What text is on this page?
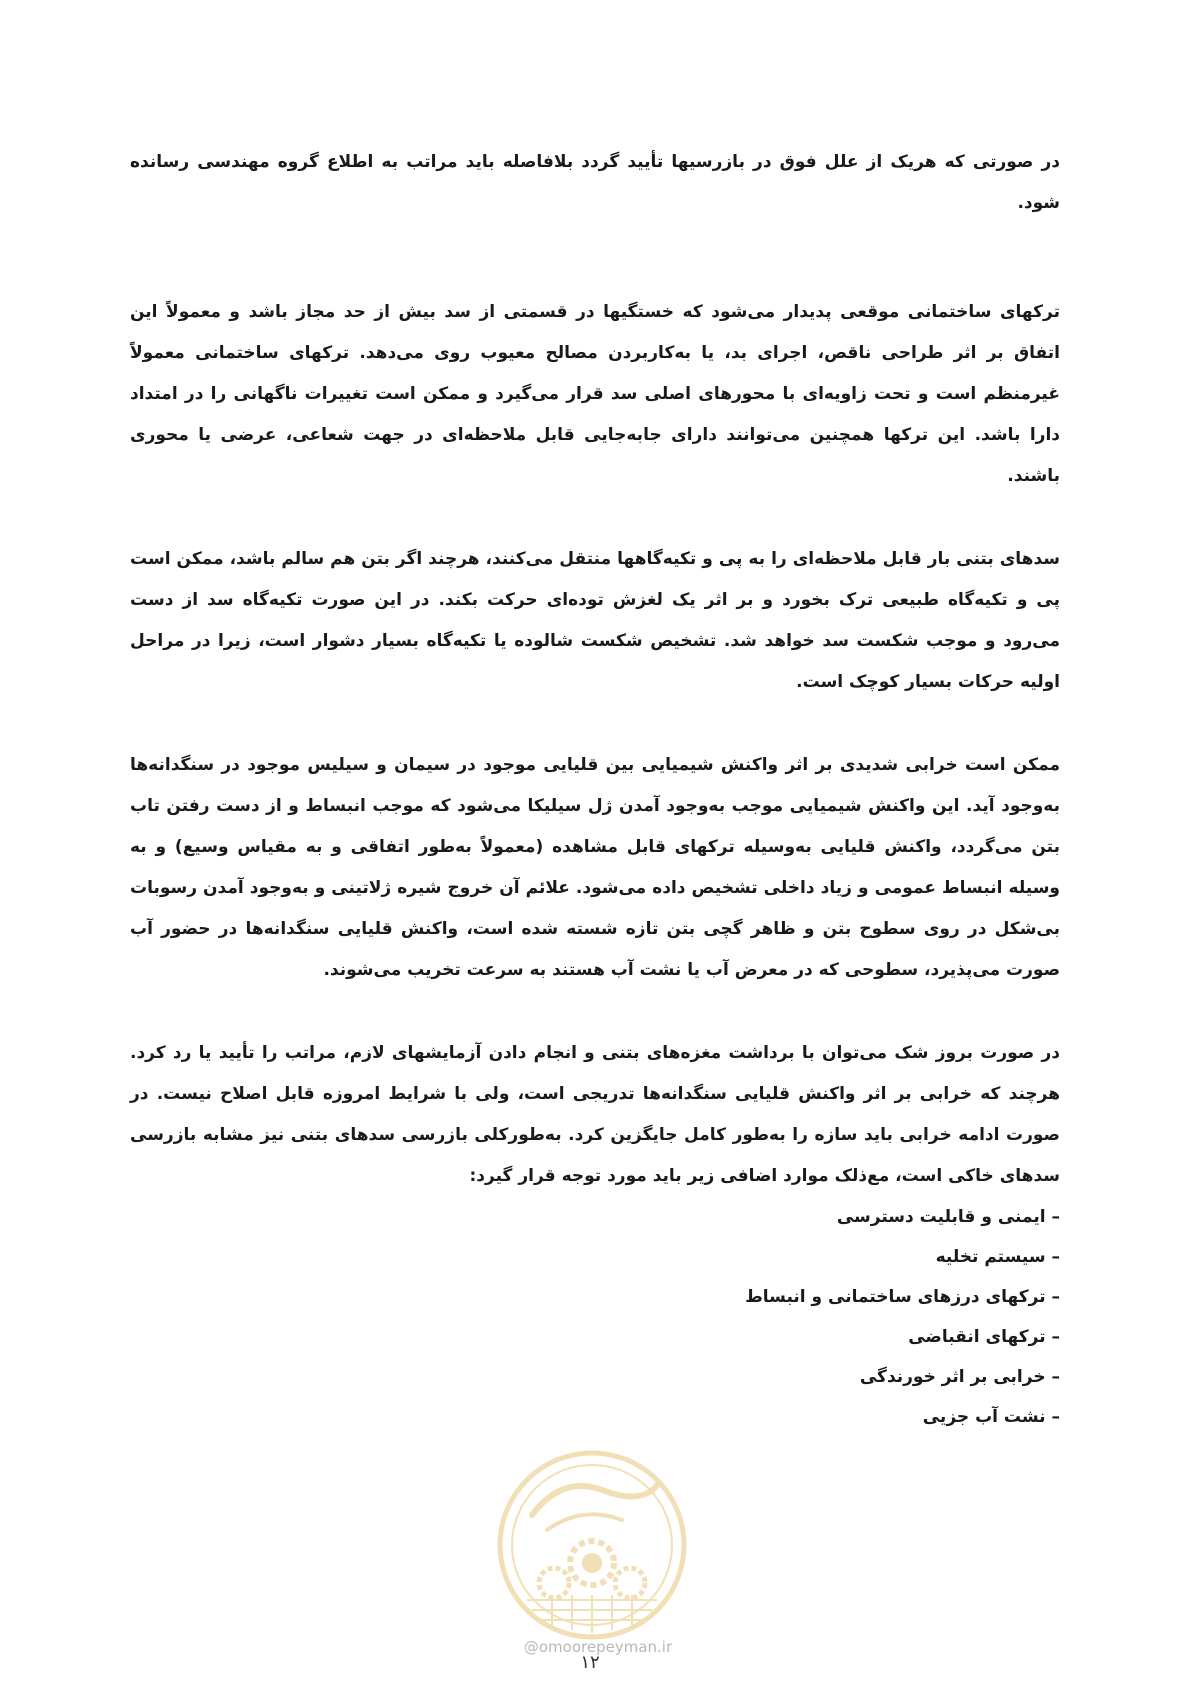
در صورتی که هریک از علل فوق در بازرسیها تأیید گردد بلافاصله باید مراتب به اطلاع گروه مهندسی رسانده شود.

ترکهای ساختمانی موقعی پدیدار می‌شود که خستگیها در قسمتی از سد بیش از حد مجاز باشد و معمولاً این اتفاق بر اثر طراحی ناقص، اجرای بد، یا به‌کاربردن مصالح معیوب روی می‌دهد. ترکهای ساختمانی معمولاً غیرمنظم است و تحت زاویه‌ای با محورهای اصلی سد قرار می‌گیرد و ممکن است تغییرات ناگهانی را در امتداد دارا باشد. این ترکها همچنین می‌توانند دارای جابه‌جایی قابل ملاحظه‌ای در جهت شعاعی، عرضی یا محوری باشند.

سدهای بتنی بار قابل ملاحظه‌ای را به پی و تکیه‌گاهها منتقل می‌کنند، هرچند اگر بتن هم سالم باشد، ممکن است پی و تکیه‌گاه طبیعی ترک بخورد و بر اثر یک لغزش توده‌ای حرکت بکند. در این صورت تکیه‌گاه سد از دست می‌رود و موجب شکست سد خواهد شد. تشخیص شکست شالوده یا تکیه‌گاه بسیار دشوار است، زیرا در مراحل اولیه حرکات بسیار کوچک است.

ممکن است خرابی شدیدی بر اثر واکنش شیمیایی بین قلیایی موجود در سیمان و سیلیس موجود در سنگدانه‌ها به‌وجود آید. این واکنش شیمیایی موجب به‌وجود آمدن ژل سیلیکا می‌شود که موجب انبساط و از دست رفتن تاب بتن می‌گردد، واکنش قلیایی به‌وسیله ترکهای قابل مشاهده (معمولاً به‌طور اتفاقی و به مقیاس وسیع) و به وسیله انبساط عمومی و زیاد داخلی تشخیص داده می‌شود. علائم آن خروج شیره ژلاتینی و به‌وجود آمدن رسوبات بی‌شکل در روی سطوح بتن و ظاهر گچی بتن تازه شسته شده است، واکنش قلیایی سنگدانه‌ها در حضور آب صورت می‌پذیرد، سطوحی که در معرض آب یا نشت آب هستند به سرعت تخریب می‌شوند.

در صورت بروز شک می‌توان با برداشت مغزه‌های بتنی و انجام دادن آزمایشهای لازم، مراتب را تأیید یا رد کرد. هرچند که خرابی بر اثر واکنش قلیایی سنگدانه‌ها تدریجی است، ولی با شرایط امروزه قابل اصلاح نیست. در صورت ادامه خرابی باید سازه را به‌طور کامل جایگزین کرد. به‌طورکلی بازرسی سدهای بتنی نیز مشابه بازرسی سدهای خاکی است، مع‌ذلک موارد اضافی زیر باید مورد توجه قرار گیرد:

– ایمنی و قابلیت دسترسی
– سیستم تخلیه
– ترکهای درزهای ساختمانی و انبساط
– ترکهای انقباضی
– خرابی بر اثر خورندگی
– نشت آب جزیی
@omoorepeyman.ir
۱۲
